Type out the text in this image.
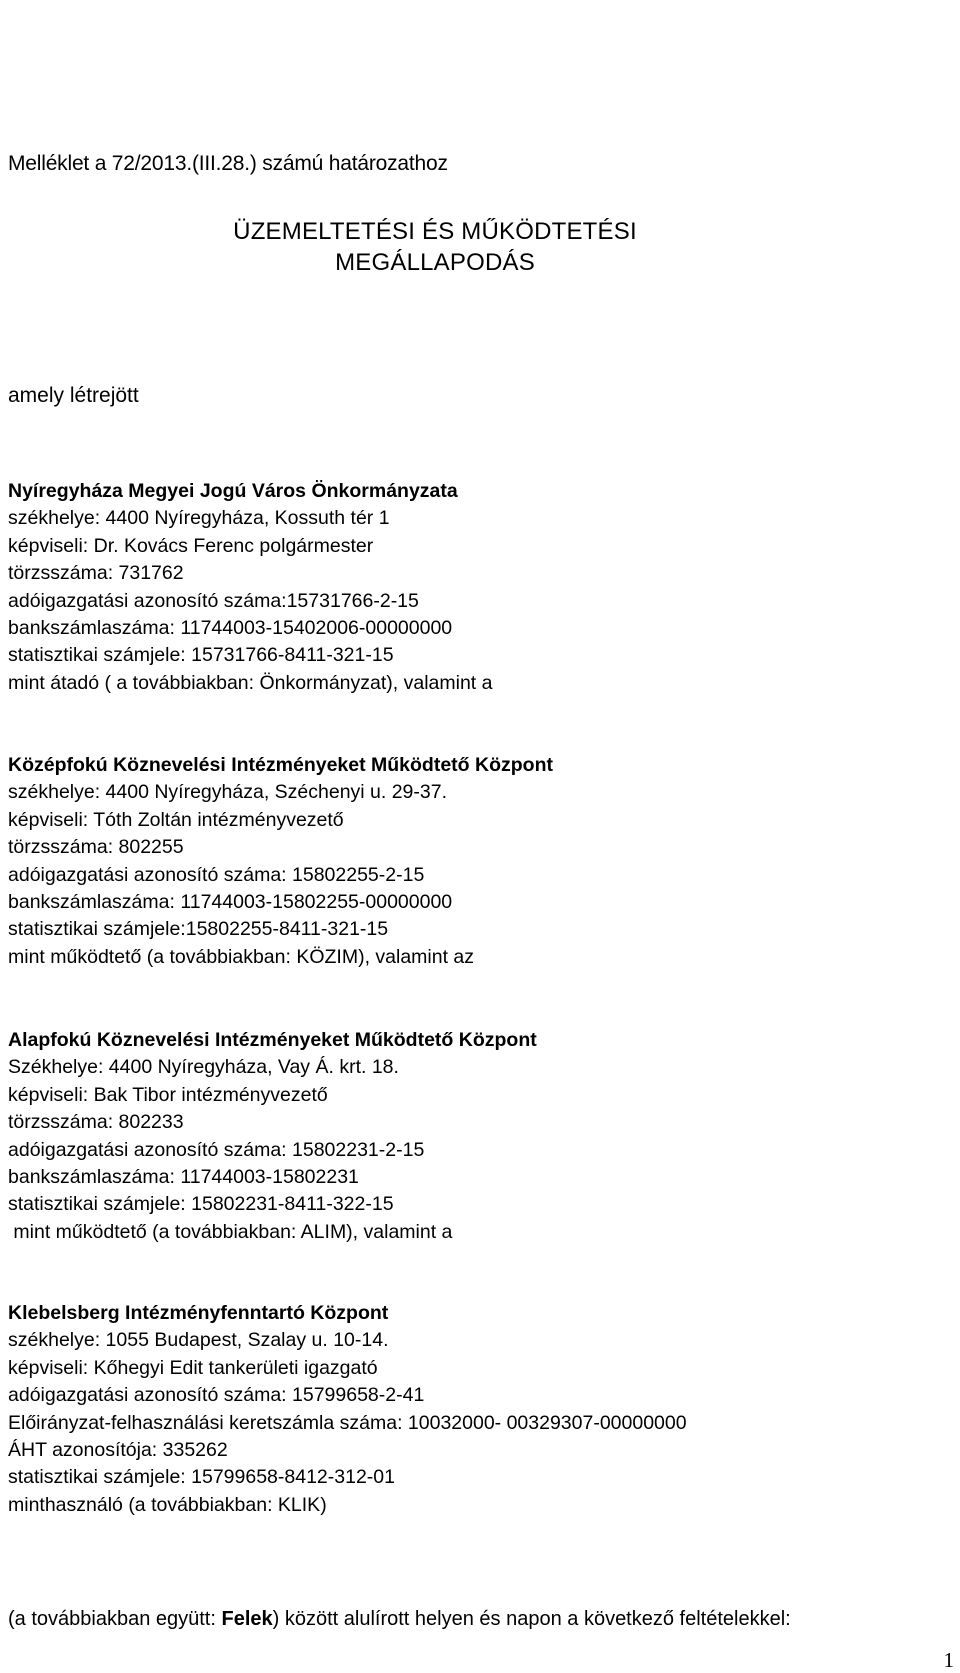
Melléklet a 72/2013.(III.28.) számú határozathoz
ÜZEMELTETÉSI ÉS MŰKÖDTETÉSI
MEGÁLLAPODÁS
amely létrejött
Nyíregyháza Megyei Jogú Város Önkormányzata
székhelye: 4400 Nyíregyháza, Kossuth tér 1
képviseli: Dr. Kovács Ferenc polgármester
törzsszáma: 731762
adóigazgatási azonosító száma:15731766-2-15
bankszámlaszáma: 11744003-15402006-00000000
statisztikai számjele: 15731766-8411-321-15
mint átadó ( a továbbiakban: Önkormányzat), valamint a
Középfokú Köznevelési Intézményeket Működtető Központ
székhelye: 4400 Nyíregyháza, Széchenyi u. 29-37.
képviseli: Tóth Zoltán intézményvezető
törzsszáma: 802255
adóigazgatási azonosító száma: 15802255-2-15
bankszámlaszáma: 11744003-15802255-00000000
statisztikai számjele:15802255-8411-321-15
mint működtető (a továbbiakban: KÖZIM), valamint az
Alapfokú Köznevelési Intézményeket Működtető Központ
Székhelye: 4400 Nyíregyháza, Vay Á. krt. 18.
képviseli: Bak Tibor intézményvezető
törzsszáma: 802233
adóigazgatási azonosító száma: 15802231-2-15
bankszámlaszáma: 11744003-15802231
statisztikai számjele: 15802231-8411-322-15
mint működtető (a továbbiakban: ALIM), valamint a
Klebelsberg Intézményfenntartó Központ
székhelye: 1055 Budapest, Szalay u. 10-14.
képviseli: Kőhegyi Edit tankerületi igazgató
adóigazgatási azonosító száma: 15799658-2-41
Előirányzat-felhasználási keretszámla száma: 10032000- 00329307-00000000
ÁHT azonosítója: 335262
statisztikai számjele: 15799658-8412-312-01
minthasználó (a továbbiakban: KLIK)
(a továbbiakban együtt: Felek) között alulírott helyen és napon a következő feltételekkel:
1
